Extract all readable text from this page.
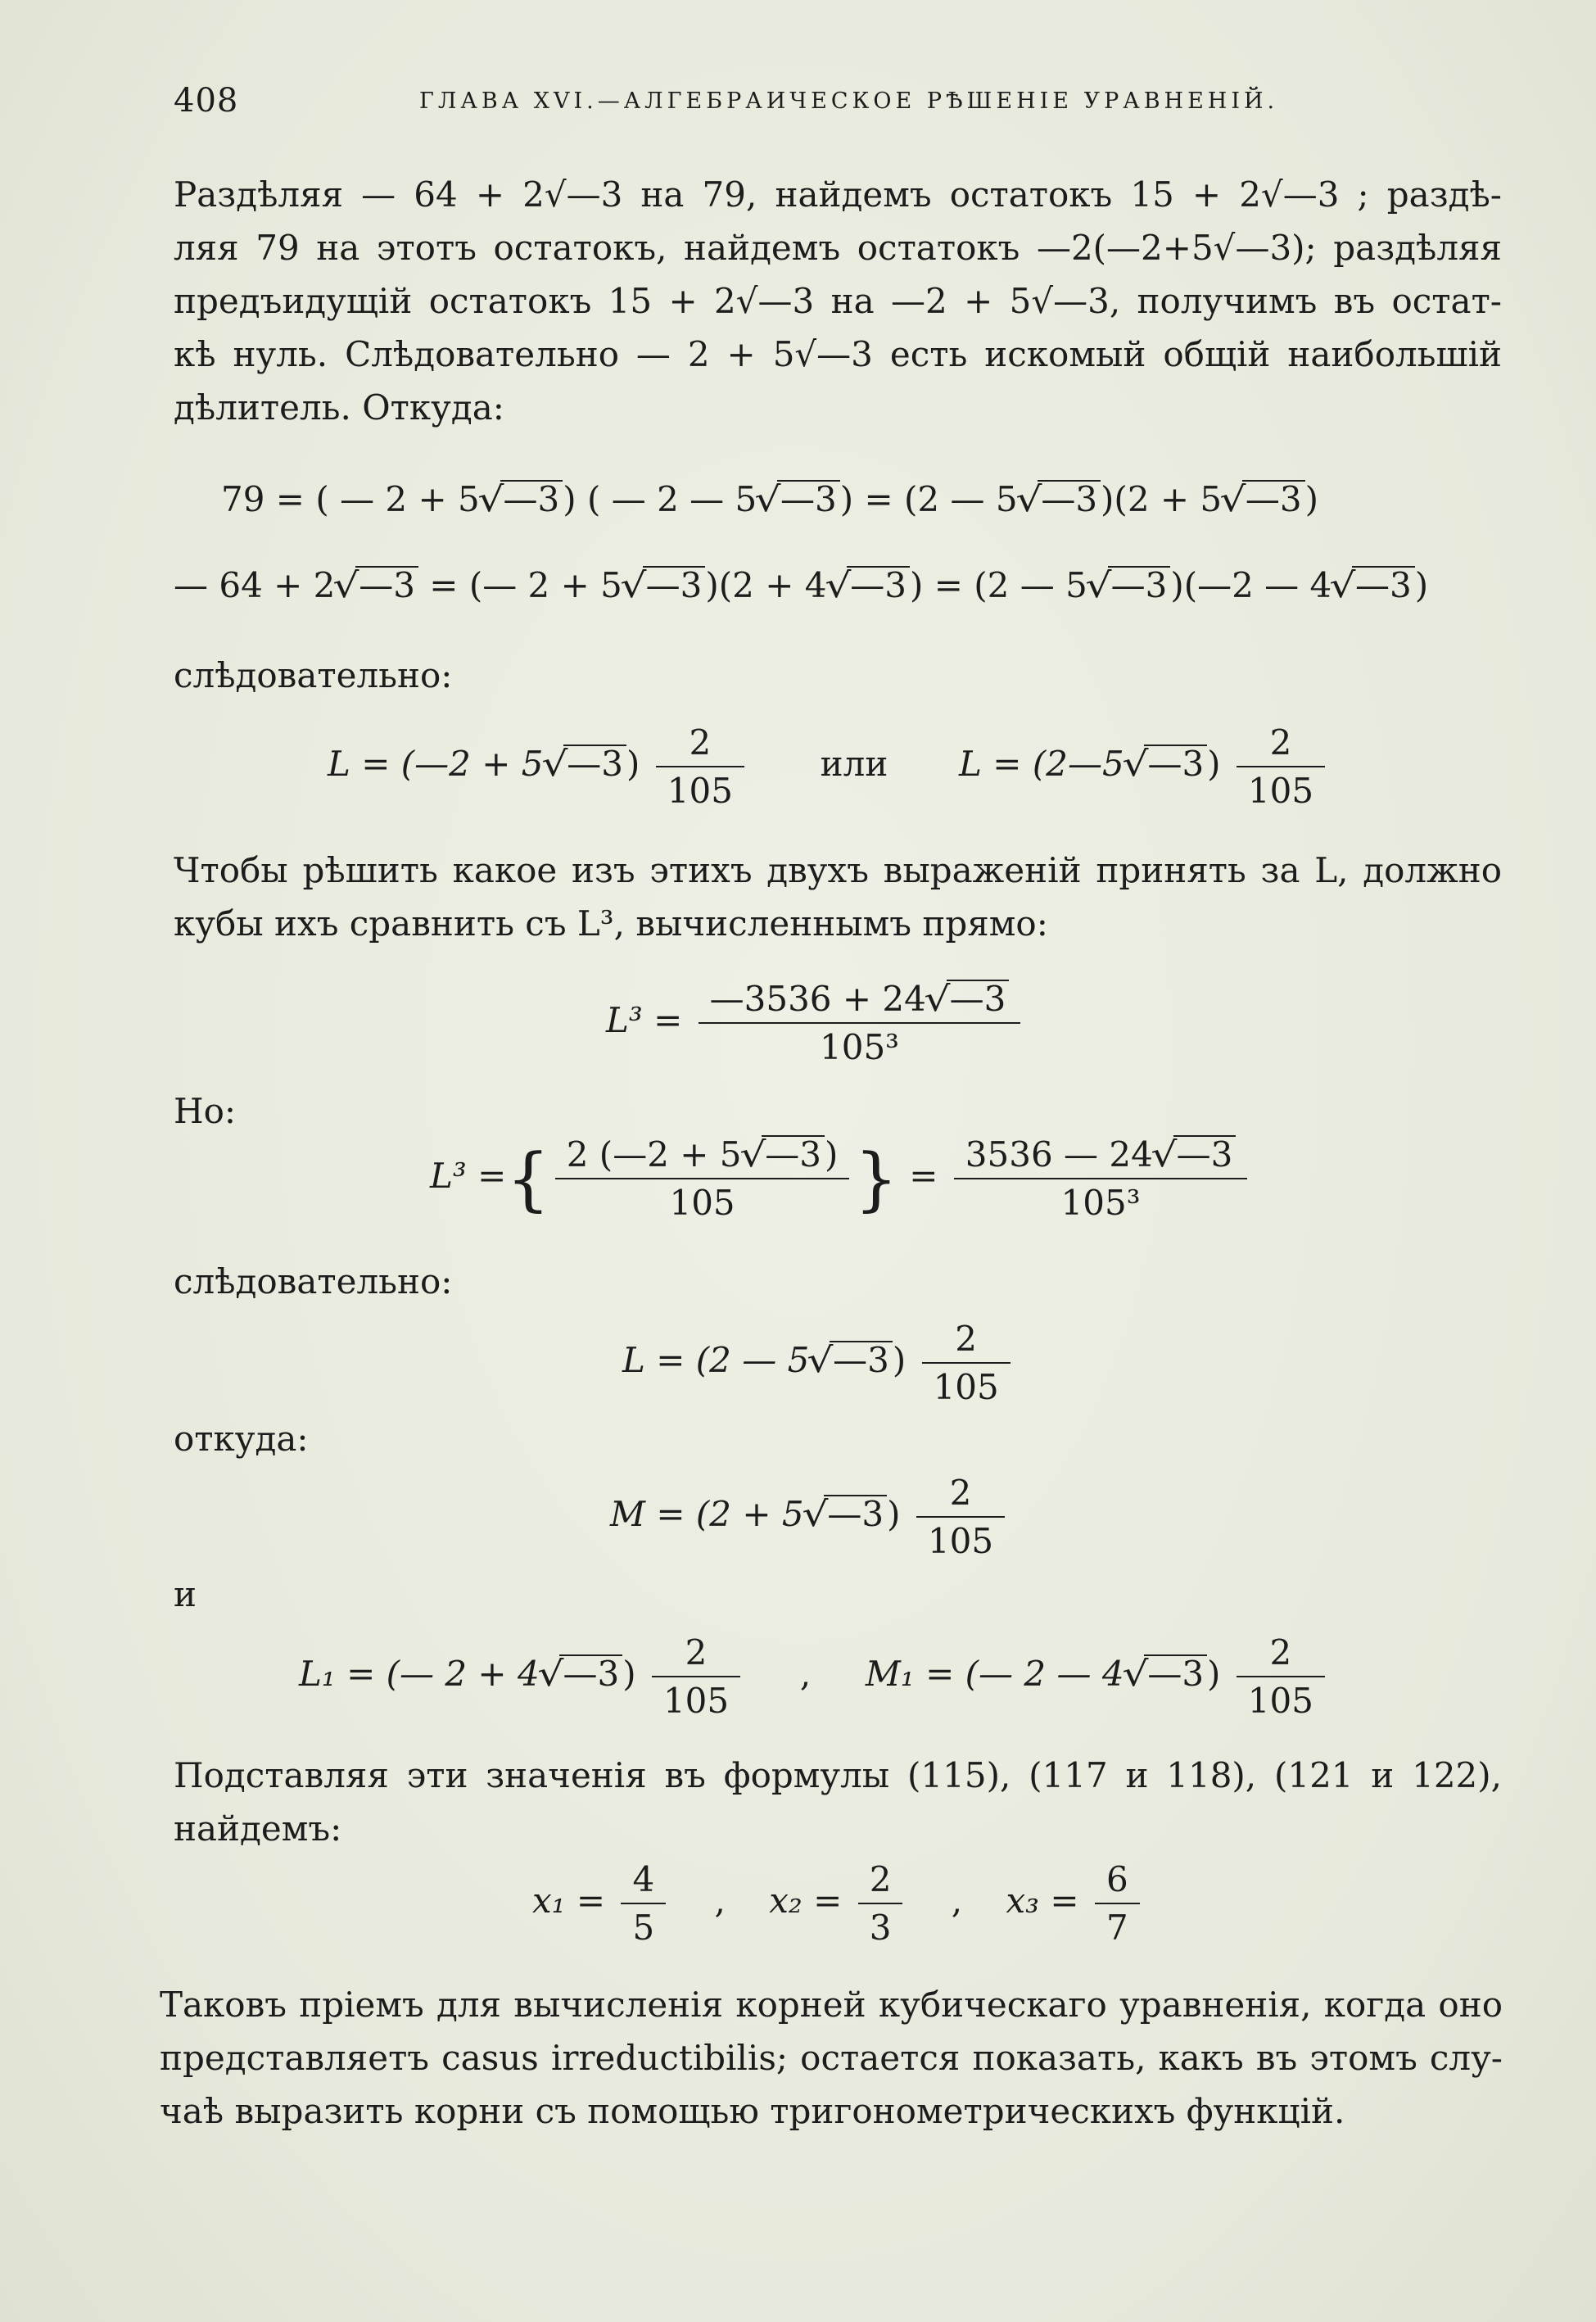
408	ГЛАВА XVI.—АЛГЕБРАИЧЕСКОЕ РѢШЕНІЕ УРАВНЕНІЙ.
Раздѣляя — 64 + 2√—3 на 79, найдемъ остатокъ 15 + 2√—3 ; раздѣ-
ляя 79 на этотъ остатокъ, найдемъ остатокъ —2(—2+5√—3); раздѣляя
предъидущій остатокъ 15 + 2√—3 на —2 + 5√—3, получимъ въ остат-
кѣ нуль. Слѣдовательно — 2 + 5√—3 есть искомый общій наибольшій
дѣлитель. Откуда:
79 = ( — 2 + 5√—3) ( — 2 — 5√—3) = (2 — 5√—3)(2 + 5√—3)
— 64 + 2√—3 = (— 2 + 5√—3)(2 + 4√—3) = (2 — 5√—3)(—2 — 4√—3)
слѣдовательно:
L = (—2 + 5√—3) $\frac{2}{105}$ или L = (2—5√—3) $\frac{2}{105}$
Чтобы рѣшить какое изъ этихъ двухъ выраженій принять за L, должно
кубы ихъ сравнить съ L³, вычисленнымъ прямо:
$L^3 = \frac{—3536 + 24√—3}{\text{105³}}$
Но:
L³ ={ $\frac{2 (—2 + 5√—3)}{105}$ } = $\frac{3536 — 24√—3}{\text{105³}}$
слѣдовательно:
L = (2 — 5√—3) $\frac{2}{105}$
откуда:
M = (2 + 5√—3) $\frac{2}{105}$
и
L₁ = (— 2 + 4√—3) $\frac{2}{105}$ , M₁ = (— 2 — 4√—3) $\frac{2}{105}$
Подставляя эти значенія въ формулы (115), (117 и 118), (121 и 122),
найдемъ:
$x_1 = \frac{4}{5}$ , $x_2 = \frac{2}{3}$ , $x_3 = \frac{6}{7}$
Таковъ пріемъ для вычисленія корней кубическаго уравненія, когда оно
представляетъ casus irreductibilis; остается показать, какъ въ этомъ слу-
чаѣ выразить корни съ помощью тригонометрическихъ функцій.
